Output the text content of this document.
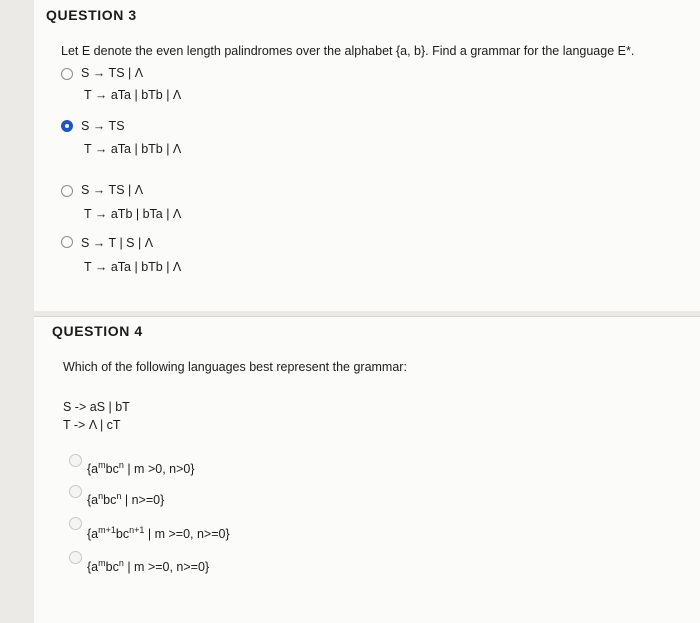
QUESTION 3
Let E denote the even length palindromes over the alphabet {a, b}. Find a grammar for the language E*.
S → TS | Λ
T → aTa | bTb | Λ
S → TS
T → aTa | bTb | Λ
S → TS | Λ
T → aTb | bTa | Λ
S → T | S | Λ
T → aTa | bTb | Λ
QUESTION 4
Which of the following languages best represent the grammar:
S -> aS | bT
T -> Λ | cT
{$a^mbc^n$ | m >0, n>0}
{$a^nbc^n$ | n>=0}
{$a^{m+1}bc^{n+1}$ | m >=0, n>=0}
{$a^mbc^n$ | m >=0, n>=0}
